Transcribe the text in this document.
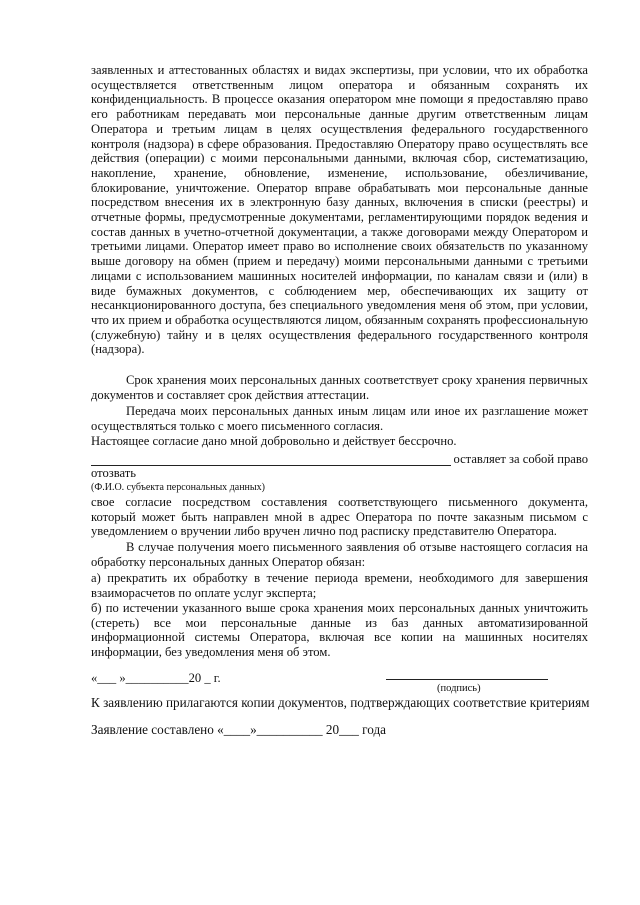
заявленных и аттестованных областях и видах экспертизы, при условии, что их обработка осуществляется ответственным лицом оператора и обязанным сохранять их конфиденциальность. В процессе оказания оператором мне помощи я предоставляю право его работникам передавать мои персональные данные другим ответственным лицам Оператора и третьим лицам в целях осуществления федерального государственного контроля (надзора) в сфере образования. Предоставляю Оператору право осуществлять все действия (операции) с моими персональными данными, включая сбор, систематизацию, накопление, хранение, обновление, изменение, использование, обезличивание, блокирование, уничтожение. Оператор вправе обрабатывать мои персональные данные посредством внесения их в электронную базу данных, включения в списки (реестры) и отчетные формы, предусмотренные документами, регламентирующими порядок ведения и состав данных в учетно-отчетной документации, а также договорами между Оператором и третьими лицами. Оператор имеет право во исполнение своих обязательств по указанному выше договору на обмен (прием и передачу) моими персональными данными с третьими лицами с использованием машинных носителей информации, по каналам связи и (или) в виде бумажных документов, с соблюдением мер, обеспечивающих их защиту от несанкционированного доступа, без специального уведомления меня об этом, при условии, что их прием и обработка осуществляются лицом, обязанным сохранять профессиональную (служебную) тайну и в целях осуществления федерального государственного контроля (надзора).
Срок хранения моих персональных данных соответствует сроку хранения первичных документов и составляет срок действия аттестации.
Передача моих персональных данных иным лицам или иное их разглашение может осуществляться только с моего письменного согласия.
Настоящее согласие дано мной добровольно и действует бессрочно.
оставляет за собой право
отозвать
(Ф.И.О. субъекта персональных данных)
свое согласие посредством составления соответствующего письменного документа, который может быть направлен мной в адрес Оператора по почте заказным письмом с уведомлением о вручении либо вручен лично под расписку представителю Оператора.
В случае получения моего письменного заявления об отзыве настоящего согласия на обработку персональных данных Оператор обязан:
а) прекратить их обработку в течение периода времени, необходимого для завершения взаиморасчетов по оплате услуг эксперта;
б) по истечении указанного выше срока хранения моих персональных данных уничтожить (стереть) все мои персональные данные из баз данных автоматизированной информационной системы Оператора, включая все копии на машинных носителях информации, без уведомления меня об этом.
«___ »__________20 _ г.
(подпись)
К заявлению прилагаются копии документов, подтверждающих соответствие критериям
Заявление составлено «____»__________ 20___ года
